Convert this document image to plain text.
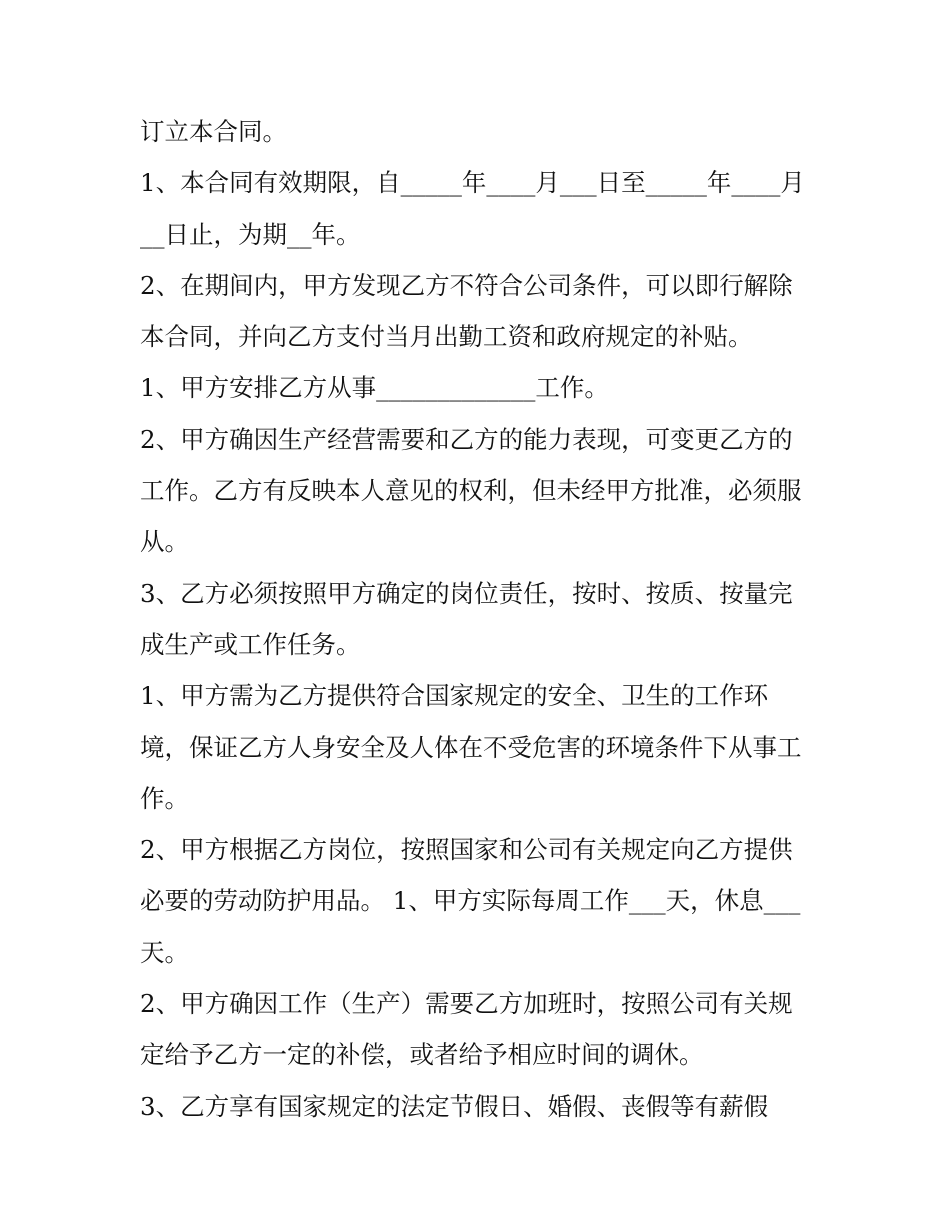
订立本合同。
1、本合同有效期限，自_____年____月___日至_____年____月
__日止，为期__年。
2、在期间内，甲方发现乙方不符合公司条件，可以即行解除
本合同，并向乙方支付当月出勤工资和政府规定的补贴。
1、甲方安排乙方从事_____________工作。
2、甲方确因生产经营需要和乙方的能力表现，可变更乙方的
工作。乙方有反映本人意见的权利，但未经甲方批准，必须服
从。
3、乙方必须按照甲方确定的岗位责任，按时、按质、按量完
成生产或工作任务。
1、甲方需为乙方提供符合国家规定的安全、卫生的工作环
境，保证乙方人身安全及人体在不受危害的环境条件下从事工
作。
2、甲方根据乙方岗位，按照国家和公司有关规定向乙方提供
必要的劳动防护用品。 1、甲方实际每周工作___天，休息___
天。
2、甲方确因工作（生产）需要乙方加班时，按照公司有关规
定给予乙方一定的补偿，或者给予相应时间的调休。
3、乙方享有国家规定的法定节假日、婚假、丧假等有薪假
